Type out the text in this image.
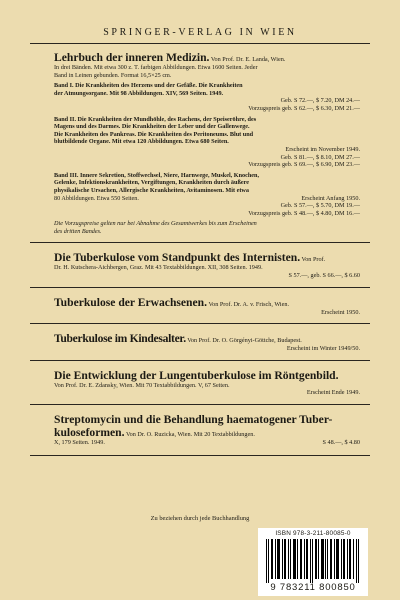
SPRINGER-VERLAG IN WIEN
Lehrbuch der inneren Medizin. Von Prof. Dr. E. Landa, Wien.
In drei Bänden. Mit etwa 300 z. T. farbigen Abbildungen. Etwa 1600 Seiten. Jeder
Band in Leinen gebunden. Format 16,5×25 cm.
Band I. Die Krankheiten des Herzens und der Gefäße. Die Krankheiten
der Atmungsorgane. Mit 98 Abbildungen. XIV, 569 Seiten. 1949.
Geb. S 72.—, $ 7.20, DM 24.—
Vorzugspreis geb. S 62.—, $ 6.30, DM 21.—
Band II. Die Krankheiten der Mundhöhle, des Rachens, der Speiseröhre, des
Magens und des Darmes. Die Krankheiten der Leber und der Gallenwege.
Die Krankheiten des Pankreas. Die Krankheiten des Peritoneums. Blut und
blutbildende Organe. Mit etwa 120 Abbildungen. Etwa 680 Seiten.
Erscheint im November 1949.
Geb. S 81.—, $ 8.10, DM 27.—
Vorzugspreis geb. S 69.—, $ 6.90, DM 23.—
Band III. Innere Sekretion, Stoffwechsel, Niere, Harnwege, Muskel, Knochen,
Gelenke, Infektionskrankheiten, Vergiftungen, Krankheiten durch äußere
physikalische Ursachen, Allergische Krankheiten, Avitaminosen. Mit etwa
80 Abbildungen. Etwa 550 Seiten.	Erscheint Anfang 1950.
Geb. S 57.—, $ 5.70, DM 19.—
Vorzugspreis geb. S 48.—, $ 4.80, DM 16.—
Die Vorzugspreise gelten nur bei Abnahme des Gesamtwerkes bis zum Erscheinen
des dritten Bandes.
Die Tuberkulose vom Standpunkt des Internisten. Von Prof.
Dr. H. Kutschera-Aichbergen, Graz. Mit 43 Textabbildungen. XII, 308 Seiten. 1949.
S 57.—, geb. S 66.—, $ 6.60
Tuberkulose der Erwachsenen. Von Prof. Dr. A. v. Frisch, Wien.
Erscheint 1950.
Tuberkulose im Kindesalter. Von Prof. Dr. O. Görgényi-Göttche, Budapest.
Erscheint im Winter 1949/50.
Die Entwicklung der Lungentuberkulose im Röntgenbild.
Von Prof. Dr. E. Zdansky, Wien. Mit 70 Textabbildungen. V, 67 Seiten.
Erscheint Ende 1949.
Streptomycin und die Behandlung haematogener Tuber-
kuloseformen. Von Dr. O. Ruzicka, Wien. Mit 20 Textabbildungen.
X, 179 Seiten. 1949.	S 48.—, $ 4.80
Zu beziehen durch jede Buchhandlung
ISBN 978-3-211-80085-0
9 783211 800850
